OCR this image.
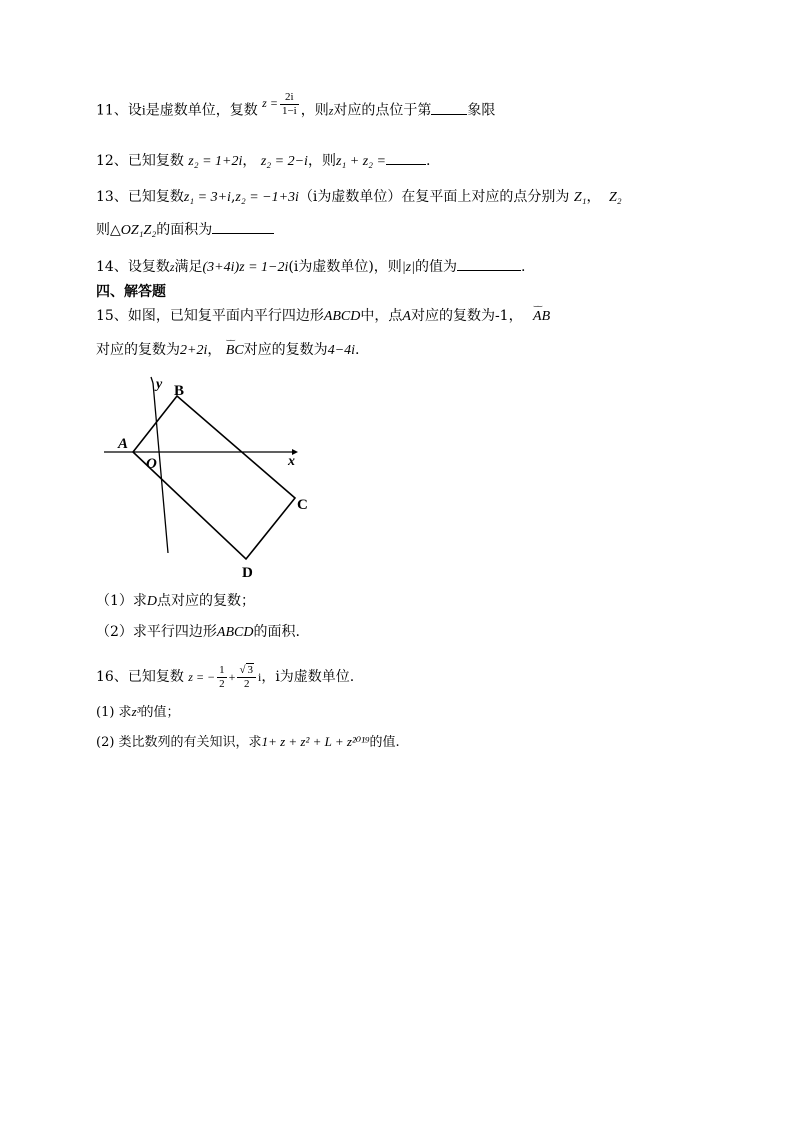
11、设i是虚数单位，复数 $z = \frac{2i}{1-i}$ ，则z对应的点位于第	象限
12、已知复数 z₂ = 1+2i， z₂ = 2−i，则z₁ + z₂ =	.
13、已知复数z₁ = 3+i,z₂ = −1+3i（i为虚数单位）在复平面上对应的点分别为 Z₁， Z₂
则△OZ₁Z₂的面积为
14、设复数z满足(3+4i)z = 1−2i(i为虚数单位)，则|z|的值为	.
四、解答题
15、如图，已知复平面内平行四边形ABCD中，点A对应的复数为-1， ⌣⌣ AB
对应的复数为2+2i， ⌣⌣ BC对应的复数为4−4i.
A
B
C
D
O	x
y
（1）求D点对应的复数；
（2）求平行四边形ABCD的面积.
16、已知复数 z = − $\frac{1}{2} + \frac{√ 3}{2}$ i，i为虚数单位.
(1) 求z³的值；
(2) 类比数列的有关知识，求1+ z + z² + L + z²⁰¹⁹的值.
